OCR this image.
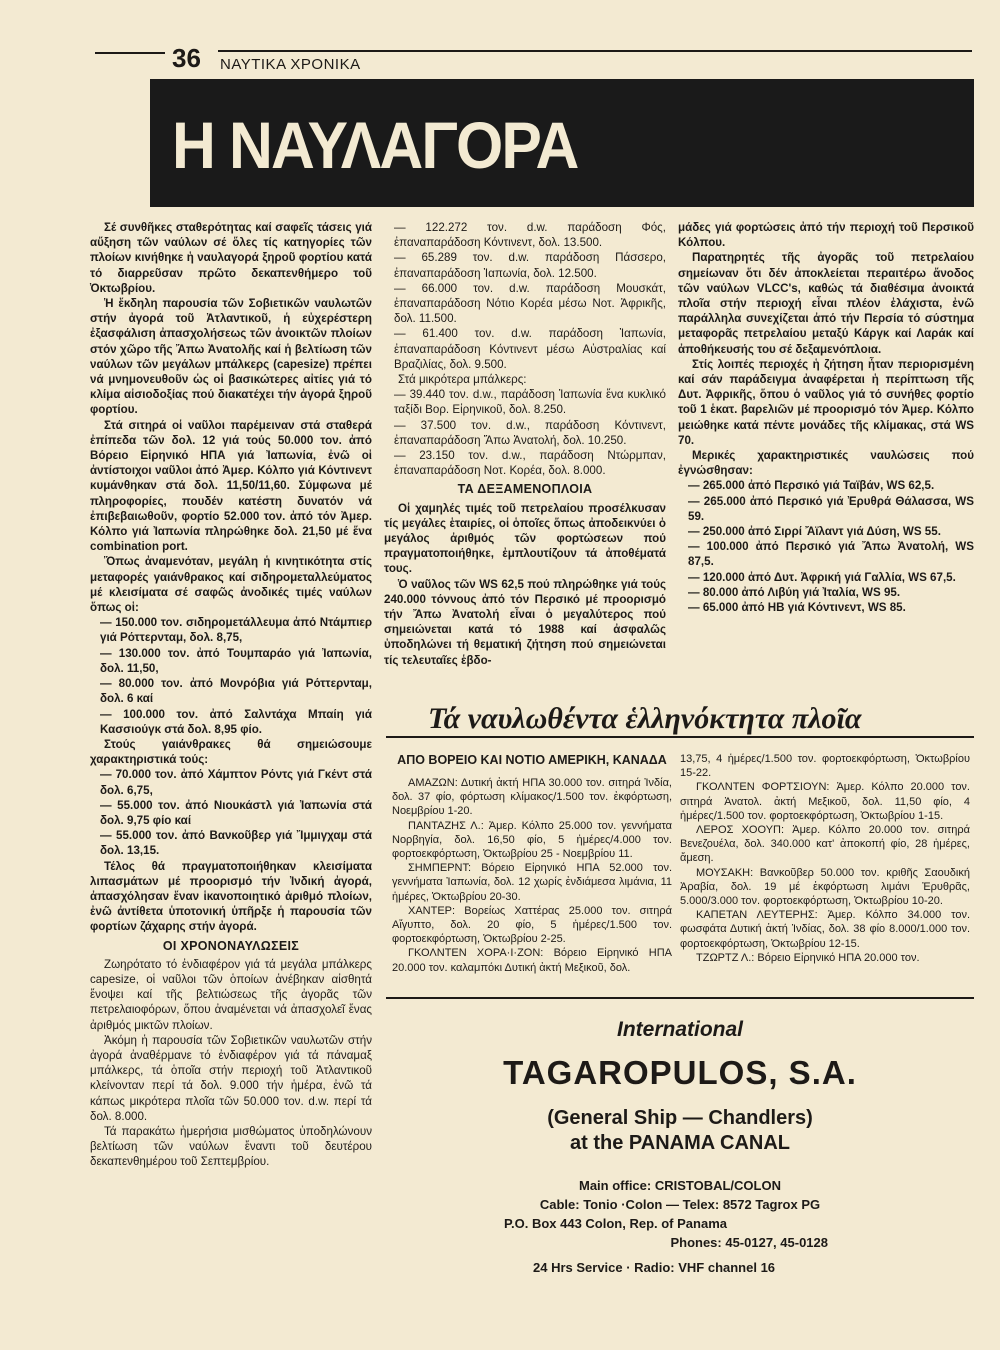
36 ΝΑΥΤΙΚΑ ΧΡΟΝΙΚΑ
Η ΝΑΥΛΑΓΟΡΑ

Σέ συνθῆκες σταθερότητας καί σαφεῖς τάσεις γιά αὔξηση τῶν ναύλων σέ ὅλες τίς κατηγορίες τῶν πλοίων κινήθηκε ἡ ναυλαγορά ξηροῦ φορτίου κατά τό διαρρεῦσαν πρῶτο δεκαπενθήμερο τοῦ Ὀκτωβρίου.

Ἡ ἔκδηλη παρουσία τῶν Σοβιετικῶν ναυλωτῶν στήν ἀγορά τοῦ Ἀτλαντικοῦ, ἡ εὐχερέστερη ἐξασφάλιση ἀπασχολήσεως τῶν ἀνοικτῶν πλοίων στόν χῶρο τῆς Ἄπω Ἀνατολῆς καί ἡ βελτίωση τῶν ναύλων τῶν μεγάλων μπάλκερς (capesize) πρέπει νά μνημονευθοῦν ὡς οἱ βασικώτερες αἰτίες γιά τό κλίμα αἰσιοδοξίας πού διακατέχει τήν ἀγορά ξηροῦ φορτίου.

Στά σιτηρά οἱ ναῦλοι παρέμειναν στά σταθερά ἐπίπεδα τῶν δολ. 12 γιά τούς 50.000 τον. ἀπό Βόρειο Εἰρηνικό ΗΠΑ γιά Ἰαπωνία, ἐνῶ οἱ ἀντίστοιχοι ναῦλοι ἀπό Ἀμερ. Κόλπο γιά Κόντινεντ κυμάνθηκαν στά δολ. 11,50/11,60. Σύμφωνα μέ πληροφορίες, πουδέν κατέστη δυνατόν νά ἐπιβεβαιωθοῦν, φορτίο 52.000 τον. ἀπό τόν Ἀμερ. Κόλπο γιά Ἰαπωνία πληρώθηκε δολ. 21,50 μέ ἕνα combination port.

Ὅπως ἀναμενόταν, μεγάλη ἡ κινητικότητα στίς μεταφορές γαιάνθρακος καί σιδηρομεταλλεύματος μέ κλεισίματα σέ σαφῶς ἀνοδικές τιμές ναύλων ὅπως οἱ:

— 150.000 τον. σιδηρομετάλλευμα ἀπό Ντάμπιερ γιά Ρόττερνταμ, δολ. 8,75,

— 130.000 τον. ἀπό Τουμπαράο γιά Ἰαπωνία, δολ. 11,50,

— 80.000 τον. ἀπό Μονρόβια γιά Ρόττερνταμ, δολ. 6 καί

— 100.000 τον. ἀπό Σαλντάχα Μπαίη γιά Κασσιούγκ στά δολ. 8,95 φίο.

Στούς γαιάνθρακες θά σημειώσουμε χαρακτηριστικά τούς:

— 70.000 τον. ἀπό Χάμπτον Ρόντς γιά Γκέντ στά δολ. 6,75,

— 55.000 τον. ἀπό Νιουκάστλ γιά Ἰαπωνία στά δολ. 9,75 φίο καί

— 55.000 τον. ἀπό Βανκοῦβερ γιά Ἴμμιγχαμ στά δολ. 13,15.

Τέλος θά πραγματοποιήθηκαν κλεισίματα λιπασμάτων μέ προορισμό τήν Ἰνδική ἀγορά, ἀπασχόλησαν ἕναν ἱκανοποιητικό ἀριθμό πλοίων, ἐνῶ ἀντίθετα ὑποτονική ὑπῆρξε ἡ παρουσία τῶν φορτίων ζάχαρης στήν ἀγορά.

ΟΙ ΧΡΟΝΟΝΑΥΛΩΣΕΙΣ

Ζωηρότατο τό ἐνδιαφέρον γιά τά μεγάλα μπάλκερς capesize, οἱ ναῦλοι τῶν ὁποίων ἀνέβηκαν αἰσθητά ἔνοψει καί τῆς βελτιώσεως τῆς ἀγορᾶς τῶν πετρελαιοφόρων, ὅπου ἀναμένεται νά ἀπασχολεῖ ἕνας ἀριθμός μικτῶν πλοίων.

Ἀκόμη ἡ παρουσία τῶν Σοβιετικῶν ναυλωτῶν στήν ἀγορά ἀναθέρμανε τό ἐνδιαφέρον γιά τά πάναμαξ μπάλκερς, τά ὁποῖα στήν περιοχή τοῦ Ἀτλαντικοῦ κλείνονταν περί τά δολ. 9.000 τήν ἡμέρα, ἐνῶ τά κάπως μικρότερα πλοῖα τῶν 50.000 τον. d.w. περί τά δολ. 8.000.

Τά παρακάτω ἡμερήσια μισθώματος ὑποδηλώνουν βελτίωση τῶν ναύλων ἔναντι τοῦ δευτέρου δεκαπενθημέρου τοῦ Σεπτεμβρίου.

— 122.272 τον. d.w. παράδοση Φός, ἐπαναπαράδοση Κόντινεντ, δολ. 13.500.

— 65.289 τον. d.w. παράδοση Πάσσερο, ἐπαναπαράδοση Ἰαπωνία, δολ. 12.500.

— 66.000 τον. d.w. παράδοση Μουσκάτ, ἐπαναπαράδοση Νότιο Κορέα μέσω Νοτ. Ἀφρικῆς, δολ. 11.500.

— 61.400 τον. d.w. παράδοση Ἰαπωνία, ἐπαναπαράδοση Κόντινεντ μέσω Αὐστραλίας καί Βραζιλίας, δολ. 9.500.

Στά μικρότερα μπάλκερς:

— 39.440 τον. d.w., παράδοση Ἰαπωνία ἕνα κυκλικό ταξίδι Βορ. Εἰρηνικοῦ, δολ. 8.250.

— 37.500 τον. d.w., παράδοση Κόντινεντ, ἐπαναπαράδοση Ἄπω Ἀνατολή, δολ. 10.250.

— 23.150 τον. d.w., παράδοση Ντώρμπαν, ἐπαναπαράδοση Νοτ. Κορέα, δολ. 8.000.

ΤΑ ΔΕΞΑΜΕΝΟΠΛΟΙΑ

Οἱ χαμηλές τιμές τοῦ πετρελαίου προσέλκυσαν τίς μεγάλες ἑταιρίες, οἱ ὁποῖες ὅπως ἀποδεικνύει ὁ μεγάλος ἀριθμός τῶν φορτώσεων πού πραγματοποιήθηκε, ἐμπλουτίζουν τά ἀποθέματά τους.

Ὁ ναῦλος τῶν WS 62,5 πού πληρώθηκε γιά τούς 240.000 τόννους ἀπό τόν Περσικό μέ προορισμό τήν Ἄπω Ἀνατολή εἶναι ὁ μεγαλύτερος πού σημειώνεται κατά τό 1988 καί ἀσφαλῶς ὑποδηλώνει τή θεματική ζήτηση πού σημειώνεται τίς τελευταῖες ἑβδο-

μάδες γιά φορτώσεις ἀπό τήν περιοχή τοῦ Περσικοῦ Κόλπου.

Παρατηρητές τῆς ἀγορᾶς τοῦ πετρελαίου σημείωναν ὅτι δέν ἀποκλείεται περαιτέρω ἄνοδος τῶν ναύλων VLCC's, καθώς τά διαθέσιμα ἀνοικτά πλοῖα στήν περιοχή εἶναι πλέον ἐλάχιστα, ἐνῶ παράλληλα συνεχίζεται ἀπό τήν Περσία τό σύστημα μεταφορᾶς πετρελαίου μεταξύ Κάργκ καί Λαράκ καί ἀποθήκευσής του σέ δεξαμενόπλοια.

Στίς λοιπές περιοχές ἡ ζήτηση ἦταν περιορισμένη καί σάν παράδειγμα ἀναφέρεται ἡ περίπτωση τῆς Δυτ. Ἀφρικῆς, ὅπου ὁ ναῦλος γιά τό συνήθες φορτίο τοῦ 1 ἑκατ. βαρελιῶν μέ προορισμό τόν Ἀμερ. Κόλπο μειώθηκε κατά πέντε μονάδες τῆς κλίμακας, στά WS 70.

Μερικές χαρακτηριστικές ναυλώσεις πού ἐγνώσθησαν:

— 265.000 ἀπό Περσικό γιά Ταϊβάν, WS 62,5.

— 265.000 ἀπό Περσικό γιά Ἐρυθρά Θάλασσα, WS 59.

— 250.000 ἀπό Σιρρί Ἄϊλαντ γιά Δύση, WS 55.

— 100.000 ἀπό Περσικό γιά Ἄπω Ἀνατολή, WS 87,5.

— 120.000 ἀπό Δυτ. Ἀφρική γιά Γαλλία, WS 67,5.

— 80.000 ἀπό Λιβύη γιά Ἰταλία, WS 95.

— 65.000 ἀπό ΗΒ γιά Κόντινεντ, WS 85.

Τά ναυλωθέντα ἑλληνόκτητα πλοῖα
ΑΠΟ ΒΟΡΕΙΟ ΚΑΙ ΝΟΤΙΟ ΑΜΕΡΙΚΗ, ΚΑΝΑΔΑ

ΑΜΑΖΩΝ: Δυτική ἀκτή ΗΠΑ 30.000 τον. σιτηρά Ἰνδία, δολ. 37 φίο, φόρτωση κλίμακος/1.500 τον. ἐκφόρτωση, Νοεμβρίου 1-20.

ΠΑΝΤΑΖΗΣ Λ.: Ἀμερ. Κόλπο 25.000 τον. γεννήματα Νορβηγία, δολ. 16,50 φίο, 5 ἡμέρες/4.000 τον. φορτοεκφόρτωση, Ὀκτωβρίου 25 - Νοεμβρίου 11.

ΣΗΜΠΕΡΝΤ: Βόρειο Εἰρηνικό ΗΠΑ 52.000 τον. γεννήματα Ἰαπωνία, δολ. 12 χωρίς ἐνδιάμεσα λιμάνια, 11 ἡμέρες, Ὀκτωβρίου 20-30.

ΧΑΝΤΕΡ: Βορείως Χαττέρας 25.000 τον. σιτηρά Αἴγυπτο, δολ. 20 φίο, 5 ἡμέρες/1.500 τον. φορτοεκφόρτωση, Ὀκτωβρίου 2-25.

ΓΚΟΛΝΤΕΝ ΧΟΡΑ·Ι·ΖΟΝ: Βόρειο Εἰρηνικό ΗΠΑ 20.000 τον. καλαμπόκι Δυτική ἀκτή Μεξικοῦ, δολ.

13,75, 4 ἡμέρες/1.500 τον. φορτοεκφόρτωση, Ὀκτωβρίου 15-22.

ΓΚΟΛΝΤΕΝ ΦΟΡΤΣΙΟΥΝ: Ἀμερ. Κόλπο 20.000 τον. σιτηρά Ἀνατολ. ἀκτή Μεξικοῦ, δολ. 11,50 φίο, 4 ἡμέρες/1.500 τον. φορτοεκφόρτωση, Ὀκτωβρίου 1-15.

ΛΕΡΟΣ ΧΟΟΥΠ: Ἀμερ. Κόλπο 20.000 τον. σιτηρά Βενεζουέλα, δολ. 340.000 κατ' ἀποκοπή φίο, 28 ἡμέρες, ἄμεση.

ΜΟΥΣΑΚΗ: Βανκοῦβερ 50.000 τον. κριθῆς Σαουδική Ἀραβία, δολ. 19 μέ ἐκφόρτωση λιμάνι Ἐρυθρᾶς, 5.000/3.000 τον. φορτοεκφόρτωση, Ὀκτωβρίου 10-20.

ΚΑΠΕΤΑΝ ΛΕΥΤΕΡΗΣ: Ἀμερ. Κόλπο 34.000 τον. φωσφάτα Δυτική ἀκτή Ἰνδίας, δολ. 38 φίο 8.000/1.000 τον. φορτοεκφόρτωση, Ὀκτωβρίου 12-15.

ΤΖΩΡΤΖ Λ.: Βόρειο Εἰρηνικό ΗΠΑ 20.000 τον.

International
TAGAROPULOS, S.A.
(General Ship — Chandlers)
at the PANAMA CANAL
Main office: CRISTOBAL/COLON
Cable: Tonio ·Colon — Telex: 8572 Tagrox PG
P.O. Box 443 Colon, Rep. of Panama
Phones: 45-0127, 45-0128
24 Hrs Service · Radio: VHF channel 16
